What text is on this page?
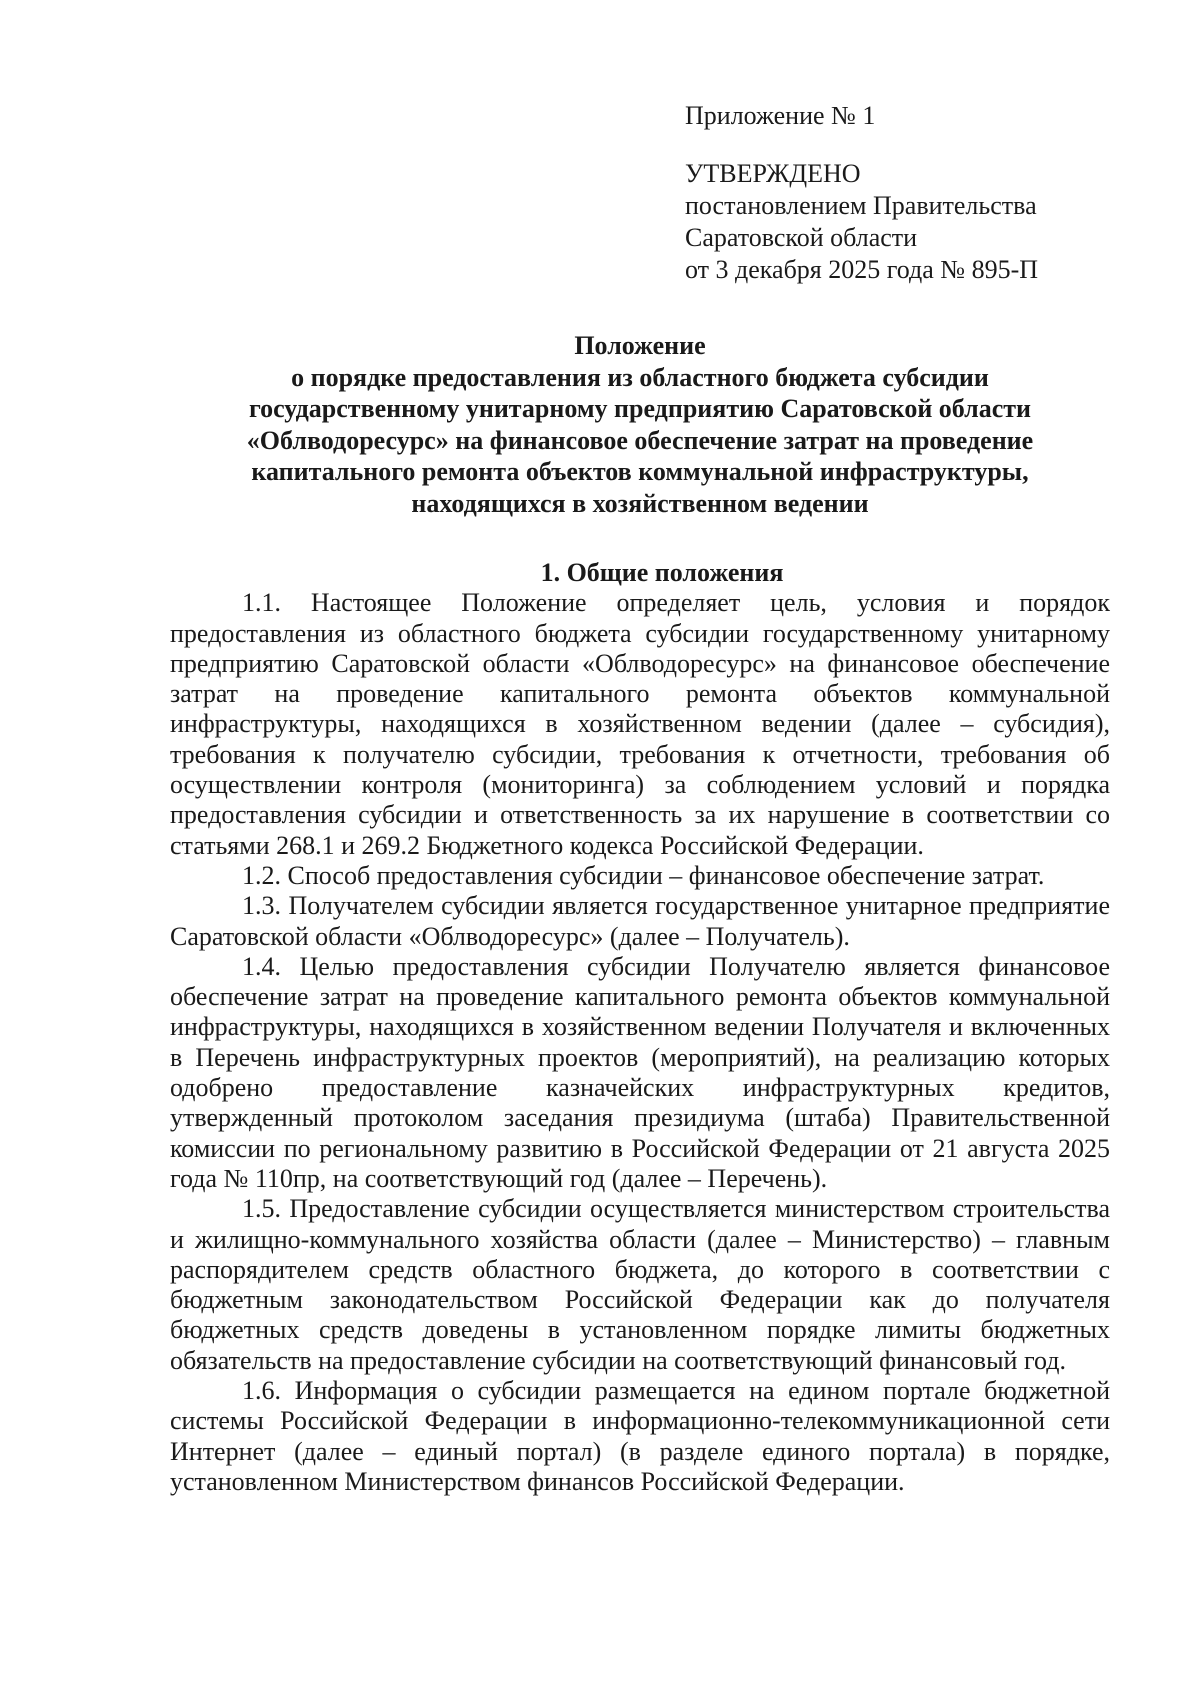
Приложение № 1
УТВЕРЖДЕНО
постановлением Правительства
Саратовской области
от 3 декабря 2025 года № 895-П
Положение
о порядке предоставления из областного бюджета субсидии
государственному унитарному предприятию Саратовской области
«Облводоресурс» на финансовое обеспечение затрат на проведение
капитального ремонта объектов коммунальной инфраструктуры,
находящихся в хозяйственном ведении
1. Общие положения

1.1. Настоящее Положение определяет цель, условия и порядок предоставления из областного бюджета субсидии государственному унитарному предприятию Саратовской области «Облводоресурс» на финансовое обеспечение затрат на проведение капитального ремонта объектов коммунальной инфраструктуры, находящихся в хозяйственном ведении (далее – субсидия), требования к получателю субсидии, требования к отчетности, требования об осуществлении контроля (мониторинга) за соблюдением условий и порядка предоставления субсидии и ответственность за их нарушение в соответствии со статьями 268.1 и 269.2 Бюджетного кодекса Российской Федерации.

1.2. Способ предоставления субсидии – финансовое обеспечение затрат.

1.3. Получателем субсидии является государственное унитарное предприятие Саратовской области «Облводоресурс» (далее – Получатель).

1.4. Целью предоставления субсидии Получателю является финансовое обеспечение затрат на проведение капитального ремонта объектов коммунальной инфраструктуры, находящихся в хозяйственном ведении Получателя и включенных в Перечень инфраструктурных проектов (мероприятий), на реализацию которых одобрено предоставление казначейских инфраструктурных кредитов, утвержденный протоколом заседания президиума (штаба) Правительственной комиссии по региональному развитию в Российской Федерации от 21 августа 2025 года № 110пр, на соответствующий год (далее – Перечень).

1.5. Предоставление субсидии осуществляется министерством строительства и жилищно-коммунального хозяйства области (далее – Министерство) – главным распорядителем средств областного бюджета, до которого в соответствии с бюджетным законодательством Российской Федерации как до получателя бюджетных средств доведены в установленном порядке лимиты бюджетных обязательств на предоставление субсидии на соответствующий финансовый год.

1.6. Информация о субсидии размещается на едином портале бюджетной системы Российской Федерации в информационно-телекоммуникационной сети Интернет (далее – единый портал) (в разделе единого портала) в порядке, установленном Министерством финансов Российской Федерации.
